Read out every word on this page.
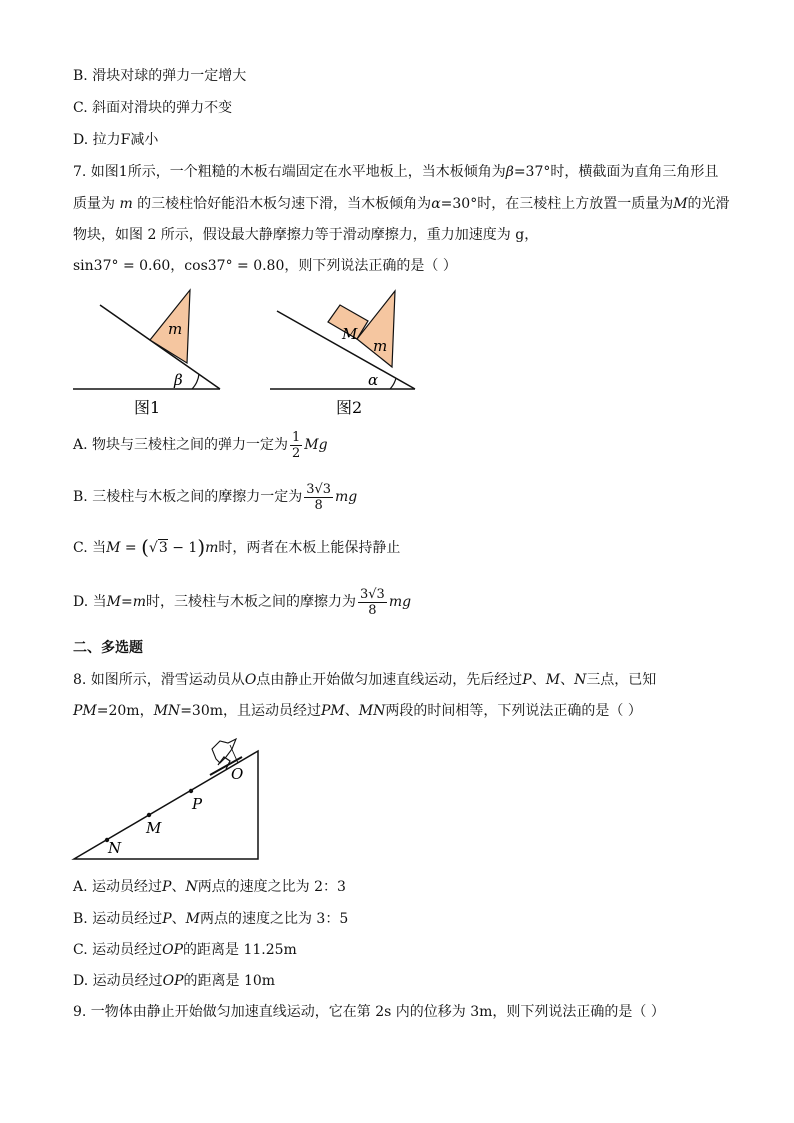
B. 滑块对球的弹力一定增大
C. 斜面对滑块的弹力不变
D. 拉力F减小
7. 如图1所示，一个粗糙的木板右端固定在水平地板上，当木板倾角为β=37°时，横截面为直角三角形且
质量为 m 的三棱柱恰好能沿木板匀速下滑，当木板倾角为α=30°时，在三棱柱上方放置一质量为M的光滑
物块，如图 2 所示，假设最大静摩擦力等于滑动摩擦力，重力加速度为 g，
sin37° = 0.60，cos37° = 0.80，则下列说法正确的是（ ）
m
β
图1
M
m
α
图2
A. 物块与三棱柱之间的弹力一定为 $\frac{1}{2}$ Mg
B. 三棱柱与木板之间的摩擦力一定为 $\frac{3√3}{8}$ mg
C. 当M = (√3 − 1)m时，两者在木板上能保持静止
D. 当M=m时，三棱柱与木板之间的摩擦力为 $\frac{3√3}{8}$ mg
二、多选题
8. 如图所示，滑雪运动员从O点由静止开始做匀加速直线运动，先后经过P、M、N三点，已知
PM=20m，MN=30m，且运动员经过PM、MN两段的时间相等，下列说法正确的是（ ）
O
P
M
N
A. 运动员经过P、N两点的速度之比为 2：3
B. 运动员经过P、M两点的速度之比为 3：5
C. 运动员经过OP的距离是 11.25m
D. 运动员经过OP的距离是 10m
9. 一物体由静止开始做匀加速直线运动，它在第 2s 内的位移为 3m，则下列说法正确的是（ ）
